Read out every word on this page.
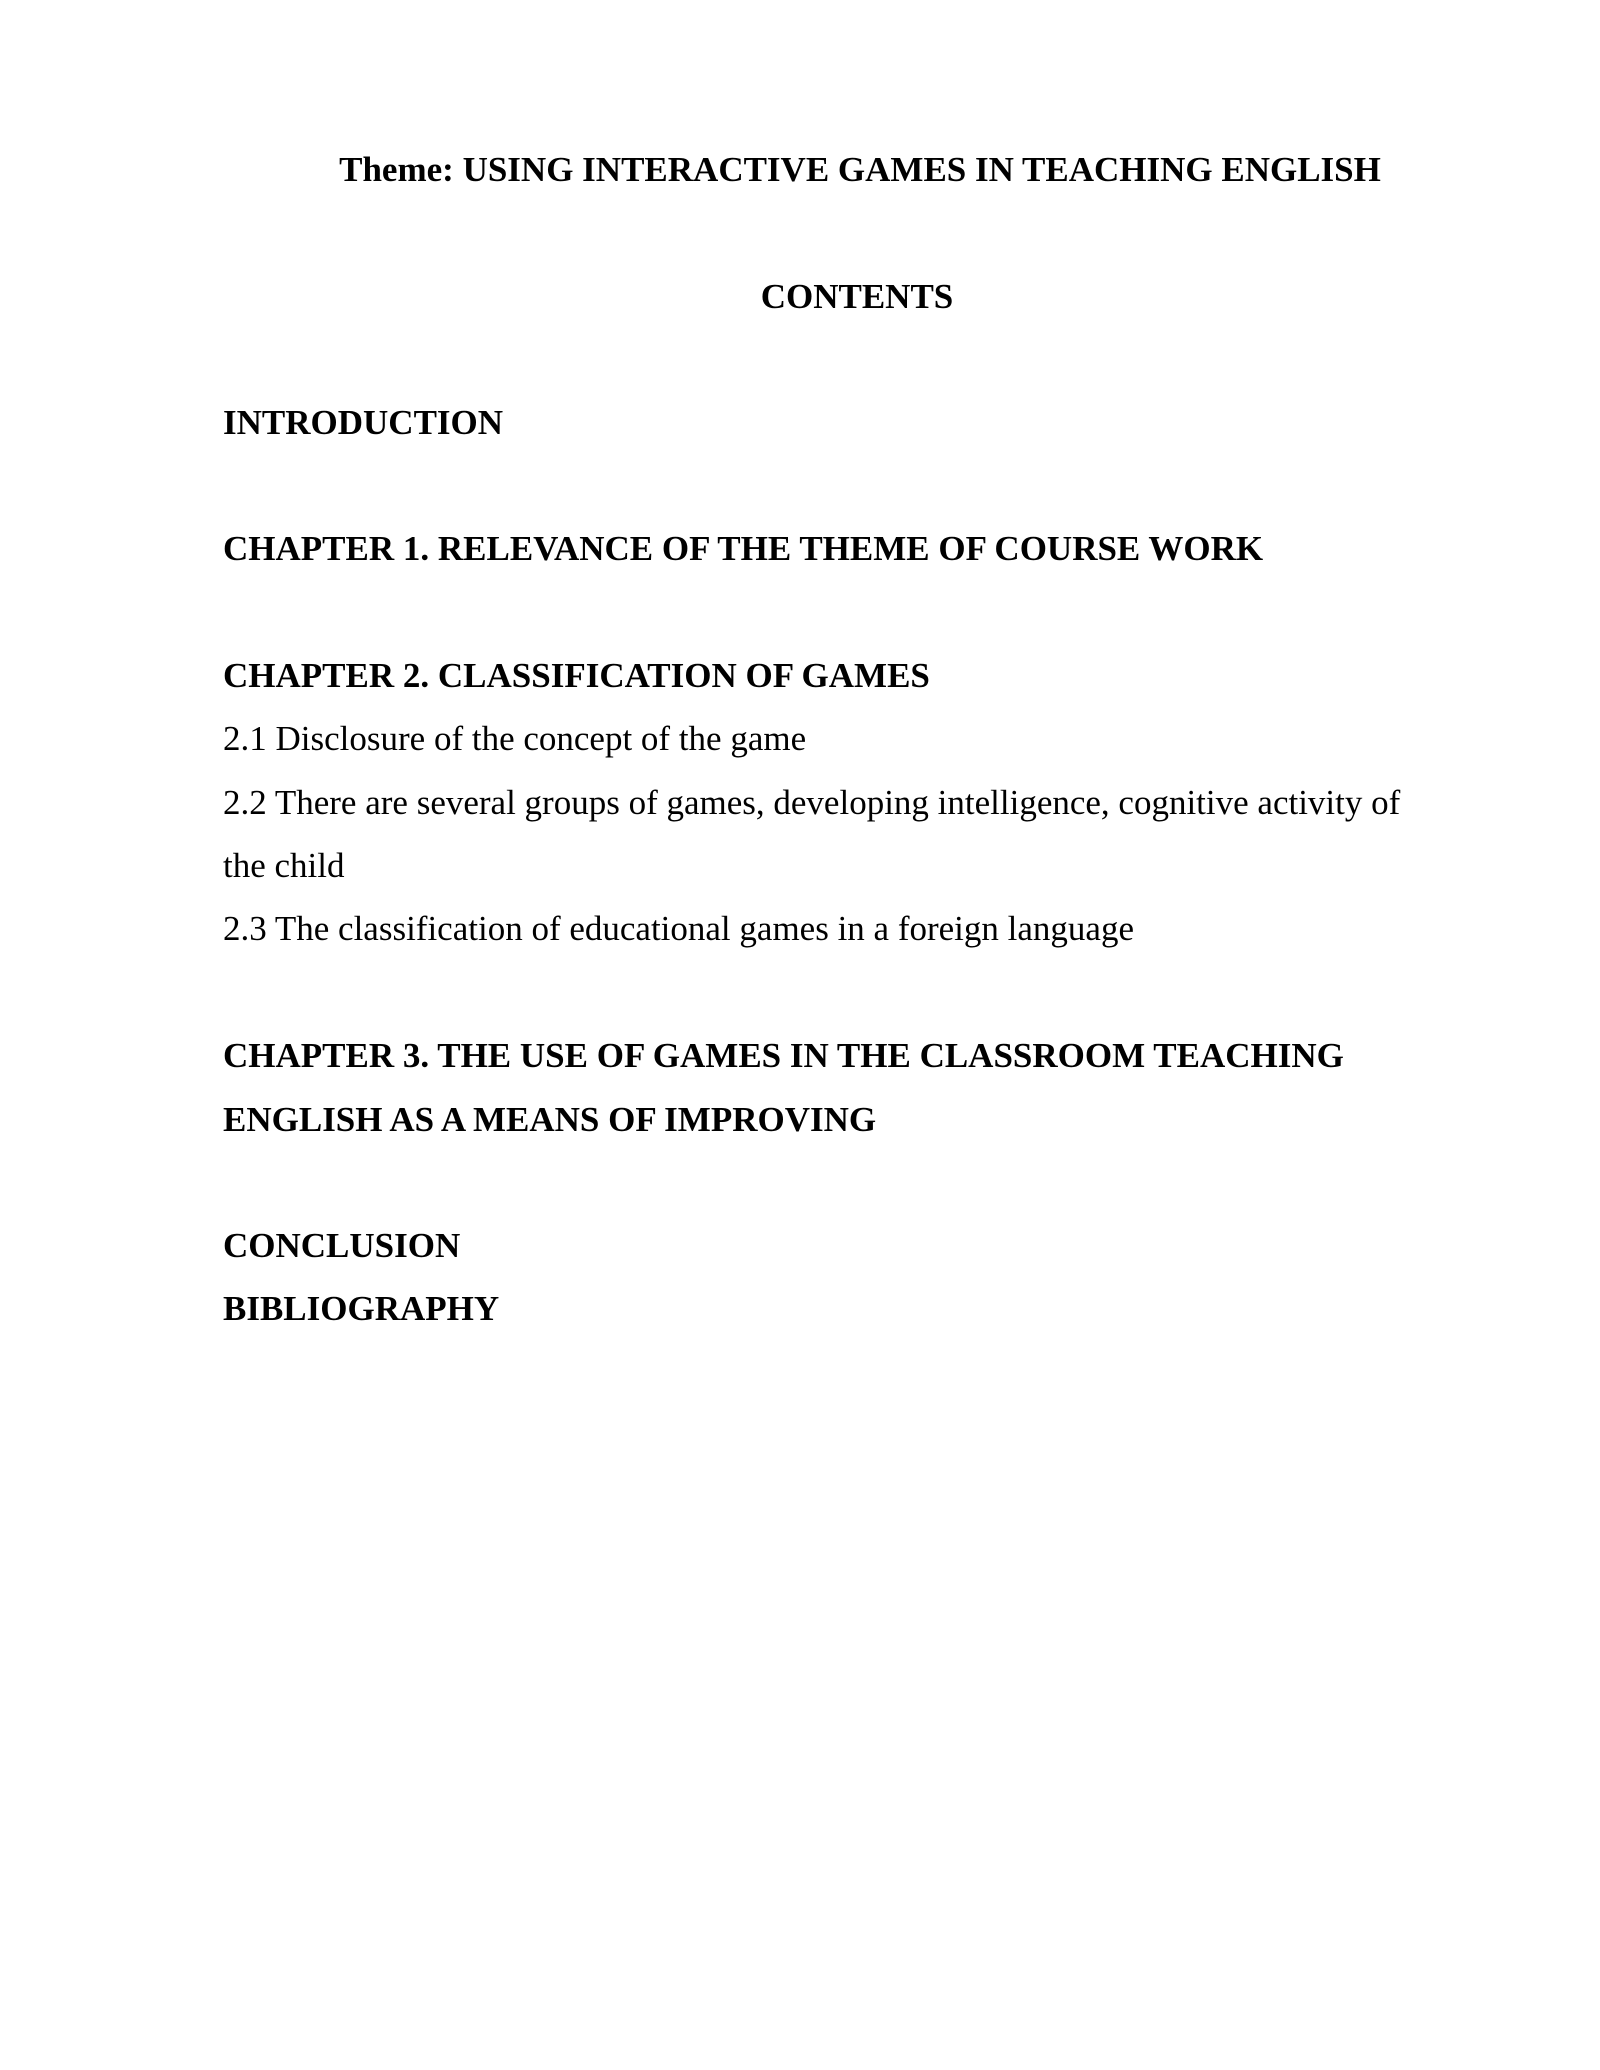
Theme: USING INTERACTIVE GAMES IN TEACHING ENGLISH
CONTENTS
INTRODUCTION
CHAPTER 1. RELEVANCE OF THE THEME OF COURSE WORK
CHAPTER 2. CLASSIFICATION OF GAMES
2.1 Disclosure of the concept of the game
2.2 There are several groups of games, developing intelligence, cognitive activity of
the child
2.3 The classification of educational games in a foreign language
CHAPTER 3. THE USE OF GAMES IN THE CLASSROOM TEACHING
ENGLISH AS A MEANS OF IMPROVING
CONCLUSION
BIBLIOGRAPHY
